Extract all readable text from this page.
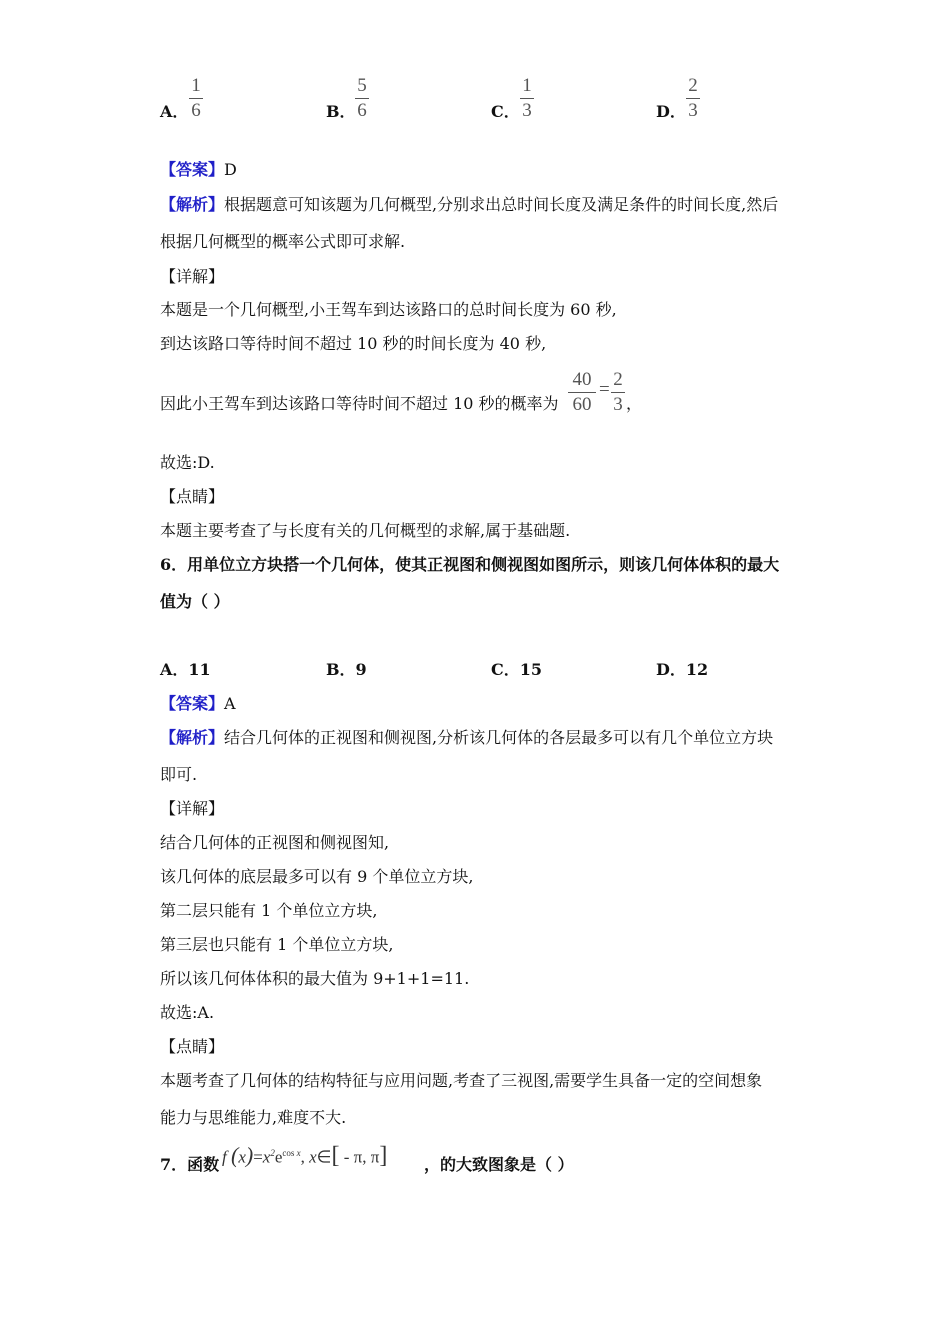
A．
1
6	B．
5
6	C．
1
3	D．
2
3
【答案】D
【解析】根据题意可知该题为几何概型,分别求出总时间长度及满足条件的时间长度,然后
根据几何概型的概率公式即可求解.
【详解】
本题是一个几何概型,小王驾车到达该路口的总时间长度为 60 秒,
到达该路口等待时间不超过 10 秒的时间长度为 40 秒,
因此小王驾车到达该路口等待时间不超过 10 秒的概率为
40
60
= 2
3 ，
故选:D.
【点睛】
本题主要考查了与长度有关的几何概型的求解,属于基础题.
6．用单位立方块搭一个几何体，使其正视图和侧视图如图所示，则该几何体体积的最大
值为（ ）
A．11	B．9	C．15	D．12
【答案】A
【解析】结合几何体的正视图和侧视图,分析该几何体的各层最多可以有几个单位立方块
即可.
【详解】
结合几何体的正视图和侧视图知,
该几何体的底层最多可以有 9 个单位立方块,
第二层只能有 1 个单位立方块,
第三层也只能有 1 个单位立方块,
所以该几何体体积的最大值为 9+1+1=11.
故选:A.
【点睛】
本题考查了几何体的结构特征与应用问题,考查了三视图,需要学生具备一定的空间想象
能力与思维能力,难度不大.
7．函数 f $(x)=x^2e^{cos x}$, x∈[ - π, π] ，的大致图象是（ ）
